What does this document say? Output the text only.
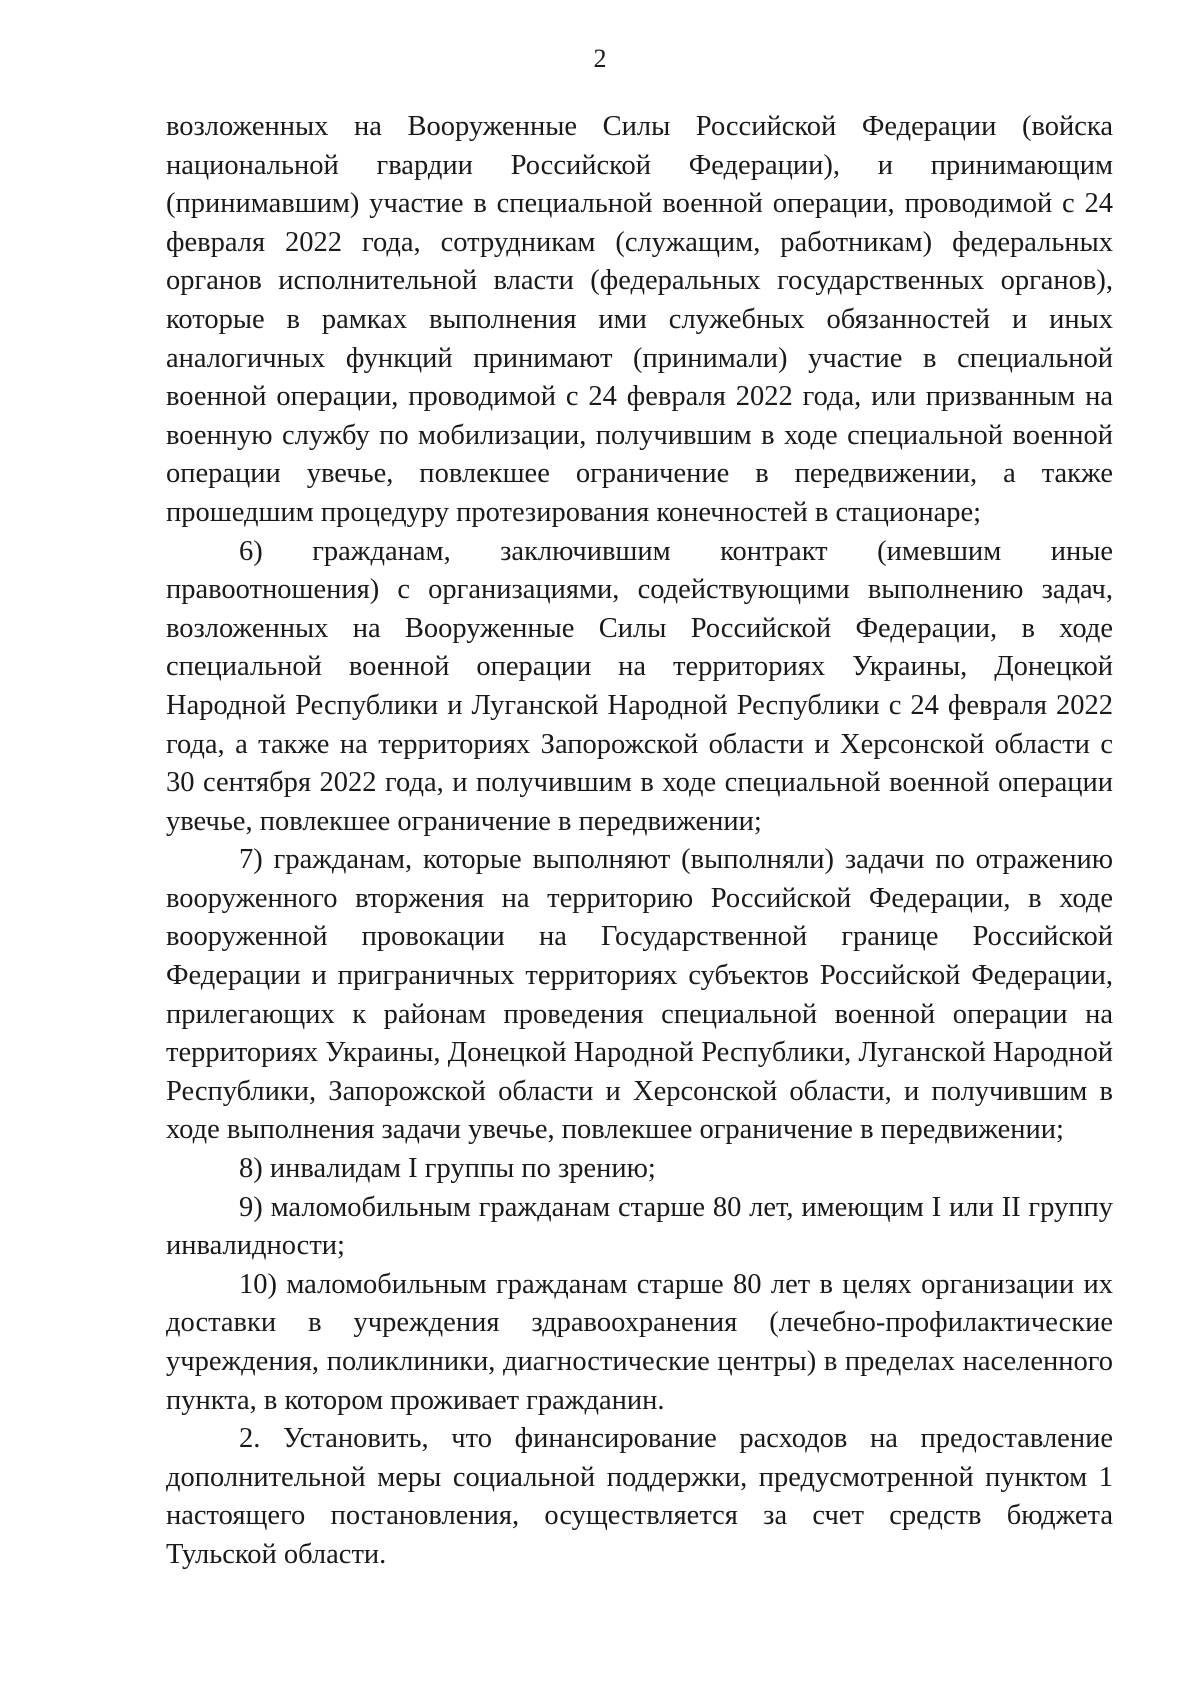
2

возложенных на Вооруженные Силы Российской Федерации (войска национальной гвардии Российской Федерации), и принимающим (принимавшим) участие в специальной военной операции, проводимой с 24 февраля 2022 года, сотрудникам (служащим, работникам) федеральных органов исполнительной власти (федеральных государственных органов), которые в рамках выполнения ими служебных обязанностей и иных аналогичных функций принимают (принимали) участие в специальной военной операции, проводимой с 24 февраля 2022 года, или призванным на военную службу по мобилизации, получившим в ходе специальной военной операции увечье, повлекшее ограничение в передвижении, а также прошедшим процедуру протезирования конечностей в стационаре;

6) гражданам, заключившим контракт (имевшим иные правоотношения) с организациями, содействующими выполнению задач, возложенных на Вооруженные Силы Российской Федерации, в ходе специальной военной операции на территориях Украины, Донецкой Народной Республики и Луганской Народной Республики с 24 февраля 2022 года, а также на территориях Запорожской области и Херсонской области с 30 сентября 2022 года, и получившим в ходе специальной военной операции увечье, повлекшее ограничение в передвижении;

7) гражданам, которые выполняют (выполняли) задачи по отражению вооруженного вторжения на территорию Российской Федерации, в ходе вооруженной провокации на Государственной границе Российской Федерации и приграничных территориях субъектов Российской Федерации, прилегающих к районам проведения специальной военной операции на территориях Украины, Донецкой Народной Республики, Луганской Народной Республики, Запорожской области и Херсонской области, и получившим в ходе выполнения задачи увечье, повлекшее ограничение в передвижении;

8) инвалидам I группы по зрению;

9) маломобильным гражданам старше 80 лет, имеющим I или II группу инвалидности;

10) маломобильным гражданам старше 80 лет в целях организации их доставки в учреждения здравоохранения (лечебно-профилактические учреждения, поликлиники, диагностические центры) в пределах населенного пункта, в котором проживает гражданин.

2. Установить, что финансирование расходов на предоставление дополнительной меры социальной поддержки, предусмотренной пунктом 1 настоящего постановления, осуществляется за счет средств бюджета Тульской области.
